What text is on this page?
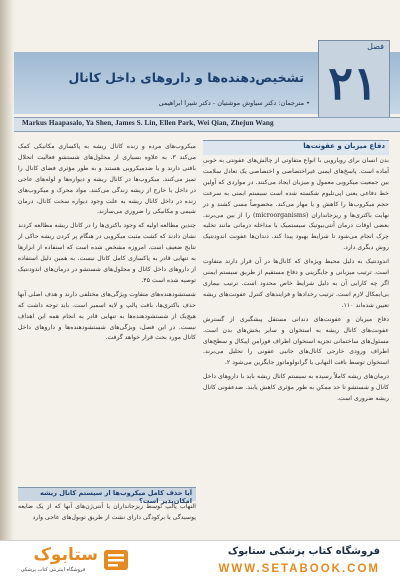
فصل
۲۱
تشخیص‌دهنده‌ها و داروهای داخل کانال
• مترجمان: دکتر سیاوش موشتیان - دکتر شیرا ابراهیمی
Markus Haapasalo, Ya Shen, James S. Lin, Ellen Park, Wei Qian, Zhejun Wang
دفاع میزبان و عفونت‌ها

بدن انسان برای رویارویی با انواع متفاوتی از چالش‌های عفونتی به خوبی آماده است. پاسخ‌های ایمنی غیراختصاصی و اختصاصی یک تعادل سلامت بین جمعیت میکروبی معمول و میزبان ایجاد می‌کنند. در مواردی که آولین خط دفاعی یعنی اپی‌تلیوم شکسته شده است سیستم ایمنی به سرعت حجم میکروب‌ها را کاهش و یا مهار می‌کند. مخصوصاً مسی کشند و در نهایت باکتری‌ها و ریزجانداران (microorganisms) را از بین می‌برند. بعضی اوقات درمان آنتی‌بیوتیک سیستمیک یا مداخله درمانی مانند تخلیه چرک انجام می‌شود تا شرایط بهبود پیدا کند. دندان‌ها عفونت اندودنتیک روش دیگری دارد.

اندودنتیک به دلیل محیط ویژه‌ای که کانال‌ها در آن قرار دارند متفاوت است. ترتیب میزبانی و جایگزینی و دفاع مستقیم از طریق سیستم ایمنی اگر چه کارایی آن به دلیل شرایط خاص محدود است. ترتیب بیماری بی‌ایمکال لازم است. ترتیب رخدادها و فرایندهای کنترل عفونت‌های ریشه تعیین شده‌اند ۱۱۰.

دفاع میزبان و عفونت‌های دندانی مستقل پیشگیری از گسترش عفونت‌های کانال ریشه به استخوان و سایر بخش‌های بدن است. مسئول‌های ساختمانی تجزیه استخوان اطراف فورامن اپیکال و سطح‌های اطراف ورودی خارجی کانال‌های جانبی عفونی را تحلیل می‌برند. استخوان توسط بافت التهابی یا گرانولوماتوز جایگزین می‌شود ۲.

درمان‌های ریشه کاملاً رسیده به سیستم کانال ریشه باید با داروهای داخل کانال و شستشو تا حد ممکن به طور مؤثری کاهش یابند. ضدعفونی کانال ریشه ضروری است.

میکروب‌های مرده و زنده کانال ریشه به پاکسازی مکانیکی کمک می‌کند ۳. به علاوه بسیاری از محلول‌های شستشو فعالیت انحلال بافتی دارند و یا ضدمیکروبی هستند و به طور مؤثری فضای کانال را تمیز می‌کنند. میکروب‌ها در کانال ریشه و دیواره‌ها و لوله‌های عاجی در داخل یا خارج از ریشه زندگی می‌کنند. مواد محرک و میکروب‌های زنده در داخل کانال ریشه به علت وجود دیواره سخت کانال، درمان شیمی و مکانیکی را ضروری می‌سازند.

چندین مطالعه اولیه که وجود باکتری‌ها را در کانال ریشه مطالعه کردند نشان دادند که کشت مثبت میکروبی در هنگام پر کردن ریشه حاکی از نتایج ضعیف است. امروزه مشخص شده است که استفاده از ابزارها به تنهایی قادر به پاکسازی کامل کانال نیست. به همین دلیل استفاده از داروهای داخل کانال و محلول‌های شستشو در درمان‌های اندودنتیک توصیه شده است ۴۵.

شستشودهنده‌های متفاوت ویژگی‌های مختلفی دارند و هدف اصلی آنها حذف باکتری‌ها، بافت پالپ و لایه اسمیر است. باید توجه داشت که هیچ‌یک از شستشودهنده‌ها به تنهایی قادر به انجام همه این اهداف نیست. در این فصل، ویژگی‌های شستشودهنده‌ها و داروهای داخل کانال مورد بحث قرار خواهد گرفت.

آیا حذف کامل میکروب‌ها از سیستم کانال ریشه امکان‌پذیر است؟

التهاب پالپ توسط ریزجانداران یا آنتی‌ژن‌های آنها که از یک ضایعه پوسیدگی یا برکودگی دارای نشت از طریق توبول‌های عاجی وارد

ستابوک
فروشگاه اینترنتی کتاب پزشکی
فروشگاه کتاب پزشکی ستابوک
WWW.SETABOOK.COM
